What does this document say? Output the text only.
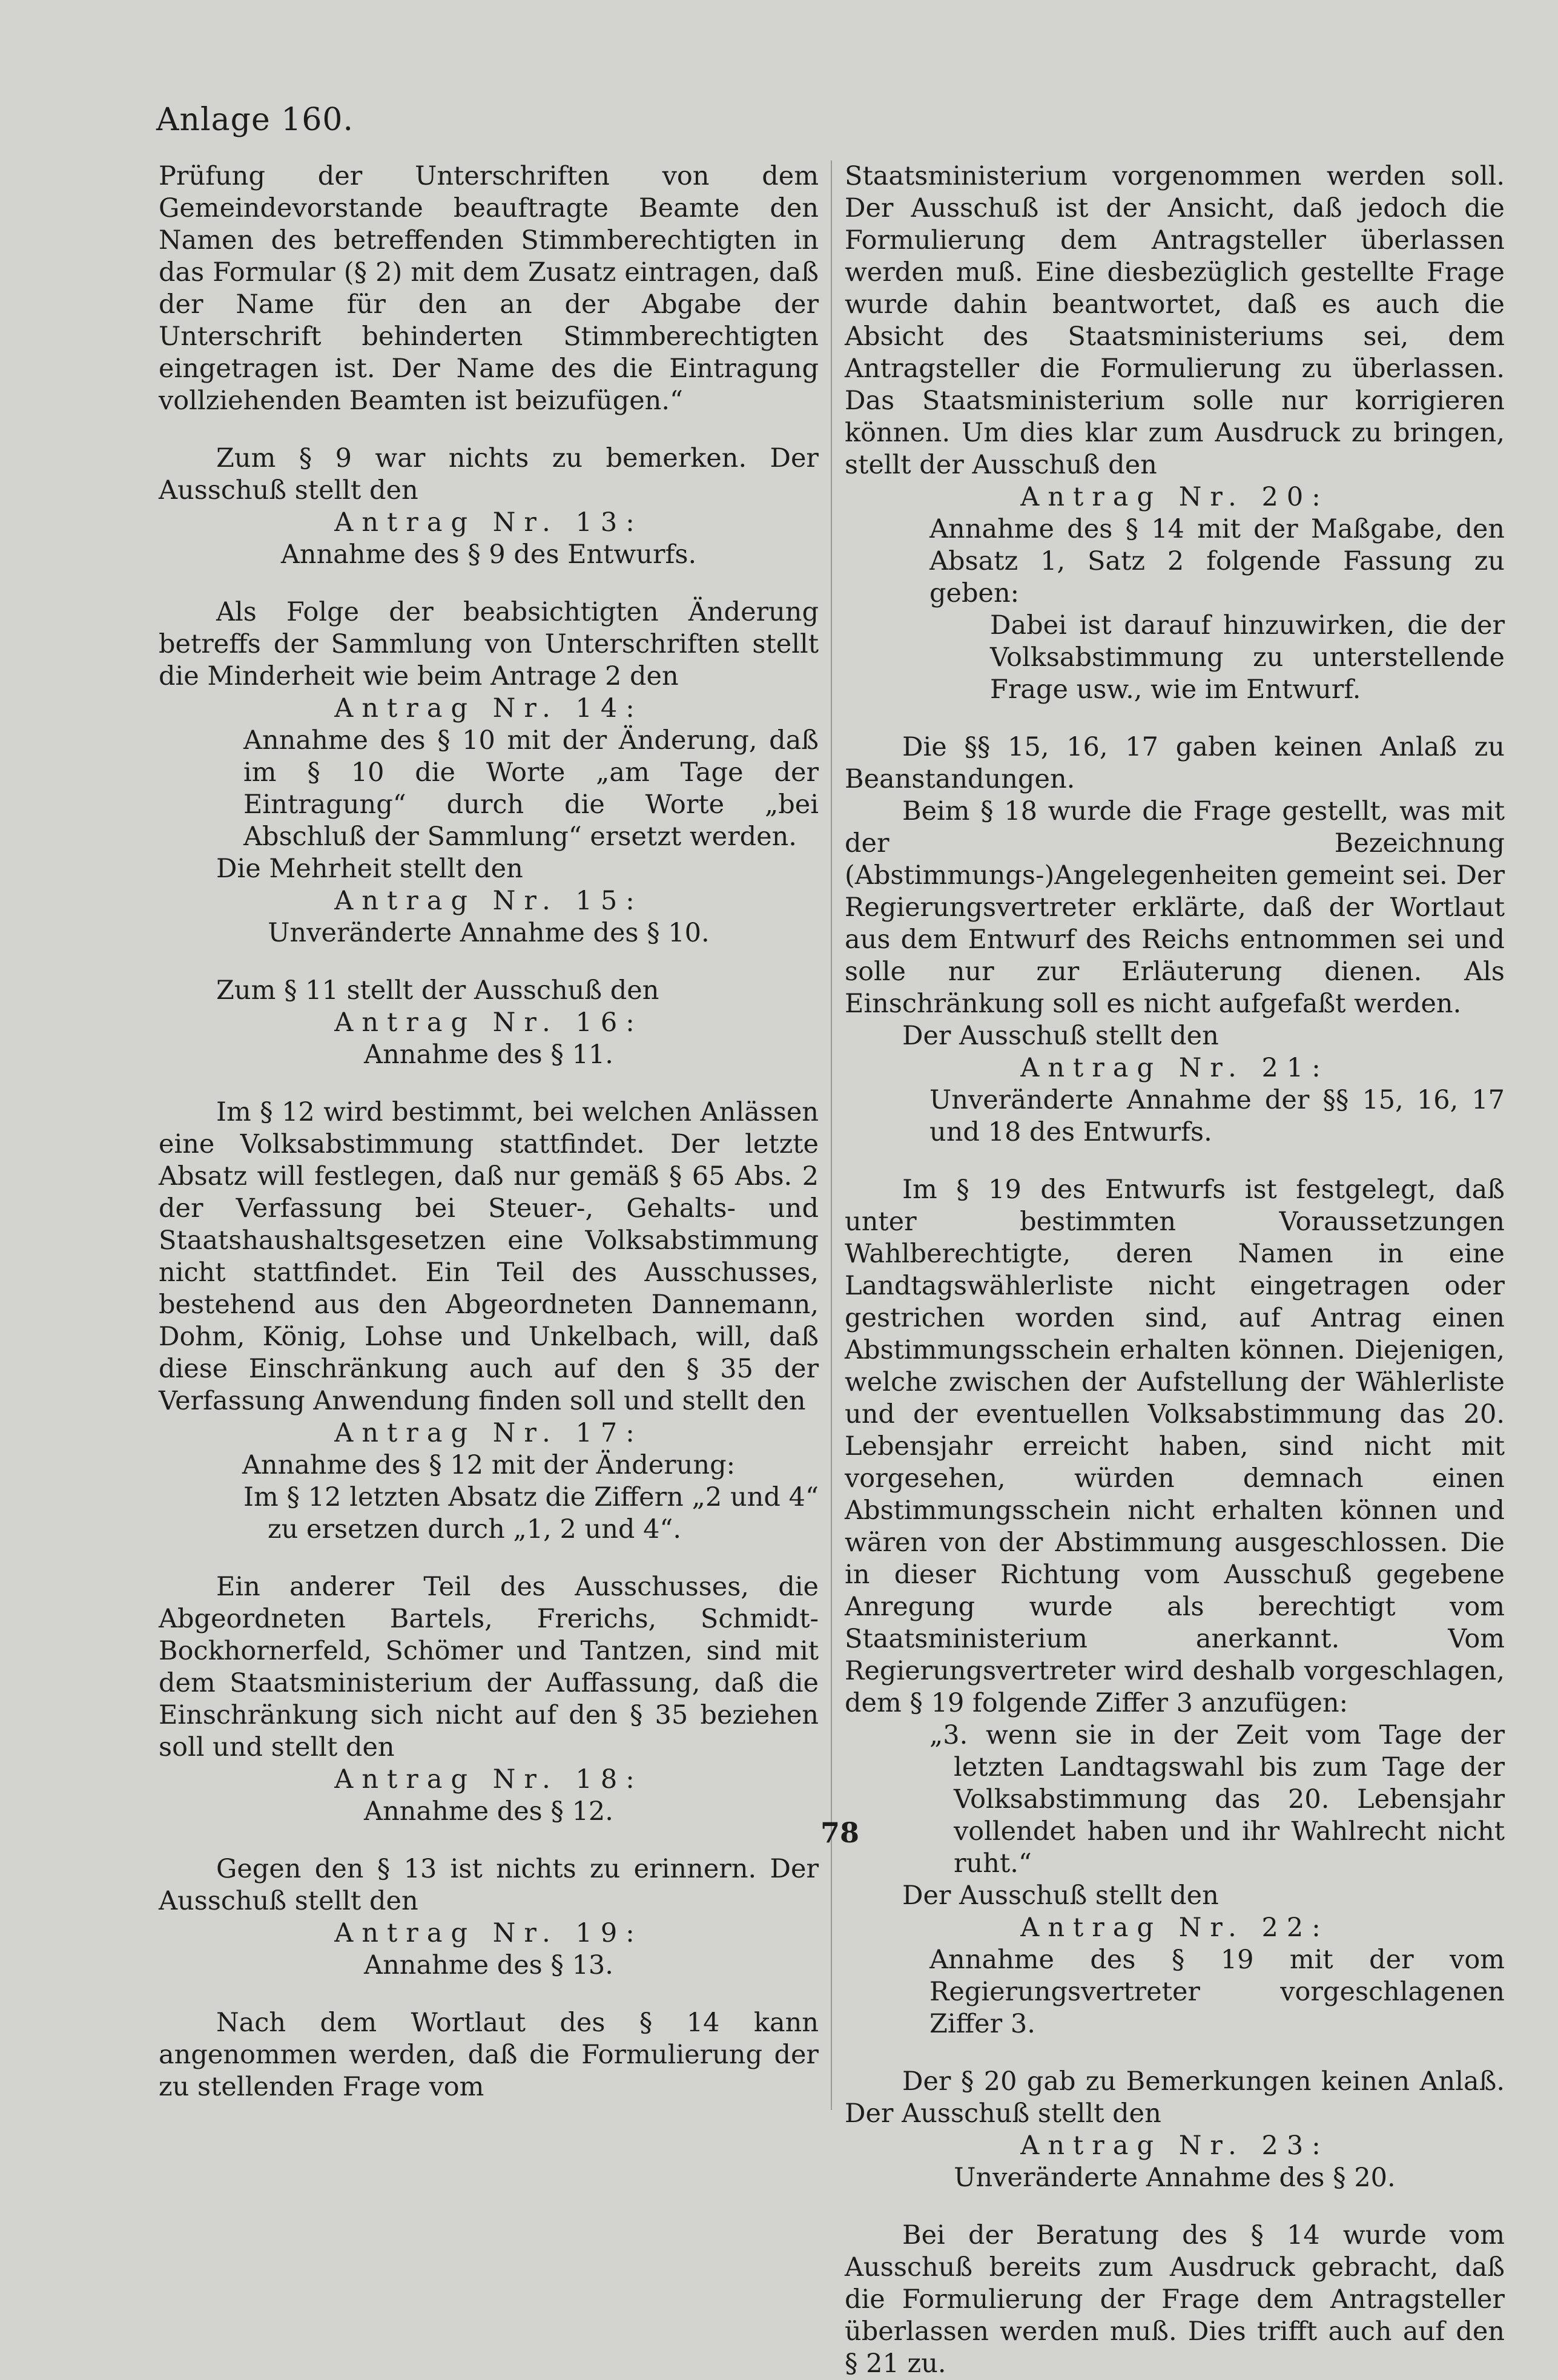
Anlage 160.

Prüfung der Unterschriften von dem Gemeindevorstande beauftragte Beamte den Namen des betreffenden Stimmberechtigten in das Formular (§ 2) mit dem Zusatz eintragen, daß der Name für den an der Abgabe der Unterschrift behinderten Stimmberechtigten eingetragen ist. Der Name des die Eintragung vollziehenden Beamten ist beizufügen.“

Zum § 9 war nichts zu bemerken. Der Ausschuß stellt den

Antrag Nr. 13:

Annahme des § 9 des Entwurfs.

Als Folge der beabsichtigten Änderung betreffs der Sammlung von Unterschriften stellt die Minderheit wie beim Antrage 2 den

Antrag Nr. 14:

Annahme des § 10 mit der Änderung, daß im § 10 die Worte „am Tage der Eintragung“ durch die Worte „bei Abschluß der Sammlung“ ersetzt werden.

Die Mehrheit stellt den

Antrag Nr. 15:

Unveränderte Annahme des § 10.

Zum § 11 stellt der Ausschuß den

Antrag Nr. 16:

Annahme des § 11.

Im § 12 wird bestimmt, bei welchen Anlässen eine Volksabstimmung stattfindet. Der letzte Absatz will festlegen, daß nur gemäß § 65 Abs. 2 der Verfassung bei Steuer-, Gehalts- und Staatshaushaltsgesetzen eine Volksabstimmung nicht stattfindet. Ein Teil des Ausschusses, bestehend aus den Abgeordneten Dannemann, Dohm, König, Lohse und Unkelbach, will, daß diese Einschränkung auch auf den § 35 der Verfassung Anwendung finden soll und stellt den

Antrag Nr. 17:

Annahme des § 12 mit der Änderung:

Im § 12 letzten Absatz die Ziffern „2 und 4“ zu ersetzen durch „1, 2 und 4“.

Ein anderer Teil des Ausschusses, die Abgeordneten Bartels, Frerichs, Schmidt-Bockhornerfeld, Schömer und Tantzen, sind mit dem Staatsministerium der Auffassung, daß die Einschränkung sich nicht auf den § 35 beziehen soll und stellt den

Antrag Nr. 18:

Annahme des § 12.

Gegen den § 13 ist nichts zu erinnern. Der Ausschuß stellt den

Antrag Nr. 19:

Annahme des § 13.

Nach dem Wortlaut des § 14 kann angenommen werden, daß die Formulierung der zu stellenden Frage vom

Staatsministerium vorgenommen werden soll. Der Ausschuß ist der Ansicht, daß jedoch die Formulierung dem Antragsteller überlassen werden muß. Eine diesbezüglich gestellte Frage wurde dahin beantwortet, daß es auch die Absicht des Staatsministeriums sei, dem Antragsteller die Formulierung zu überlassen. Das Staatsministerium solle nur korrigieren können. Um dies klar zum Ausdruck zu bringen, stellt der Ausschuß den

Antrag Nr. 20:

Annahme des § 14 mit der Maßgabe, den Absatz 1, Satz 2 folgende Fassung zu geben:

Dabei ist darauf hinzuwirken, die der Volksabstimmung zu unterstellende Frage usw., wie im Entwurf.

Die §§ 15, 16, 17 gaben keinen Anlaß zu Beanstandungen.

Beim § 18 wurde die Frage gestellt, was mit der Bezeichnung (Abstimmungs-)Angelegenheiten gemeint sei. Der Regierungsvertreter erklärte, daß der Wortlaut aus dem Entwurf des Reichs entnommen sei und solle nur zur Erläuterung dienen. Als Einschränkung soll es nicht aufgefaßt werden.

Der Ausschuß stellt den

Antrag Nr. 21:

Unveränderte Annahme der §§ 15, 16, 17 und 18 des Entwurfs.

Im § 19 des Entwurfs ist festgelegt, daß unter bestimmten Voraussetzungen Wahlberechtigte, deren Namen in eine Landtagswählerliste nicht eingetragen oder gestrichen worden sind, auf Antrag einen Abstimmungsschein erhalten können. Diejenigen, welche zwischen der Aufstellung der Wählerliste und der eventuellen Volksabstimmung das 20. Lebensjahr erreicht haben, sind nicht mit vorgesehen, würden demnach einen Abstimmungsschein nicht erhalten können und wären von der Abstimmung ausgeschlossen. Die in dieser Richtung vom Ausschuß gegebene Anregung wurde als berechtigt vom Staatsministerium anerkannt. Vom Regierungsvertreter wird deshalb vorgeschlagen, dem § 19 folgende Ziffer 3 anzufügen:

„3. wenn sie in der Zeit vom Tage der letzten Landtagswahl bis zum Tage der Volksabstimmung das 20. Lebensjahr vollendet haben und ihr Wahlrecht nicht ruht.“

Der Ausschuß stellt den

Antrag Nr. 22:

Annahme des § 19 mit der vom Regierungsvertreter vorgeschlagenen Ziffer 3.

Der § 20 gab zu Bemerkungen keinen Anlaß. Der Ausschuß stellt den

Antrag Nr. 23:

Unveränderte Annahme des § 20.

Bei der Beratung des § 14 wurde vom Ausschuß bereits zum Ausdruck gebracht, daß die Formulierung der Frage dem Antragsteller überlassen werden muß. Dies trifft auch auf den § 21 zu.

78
